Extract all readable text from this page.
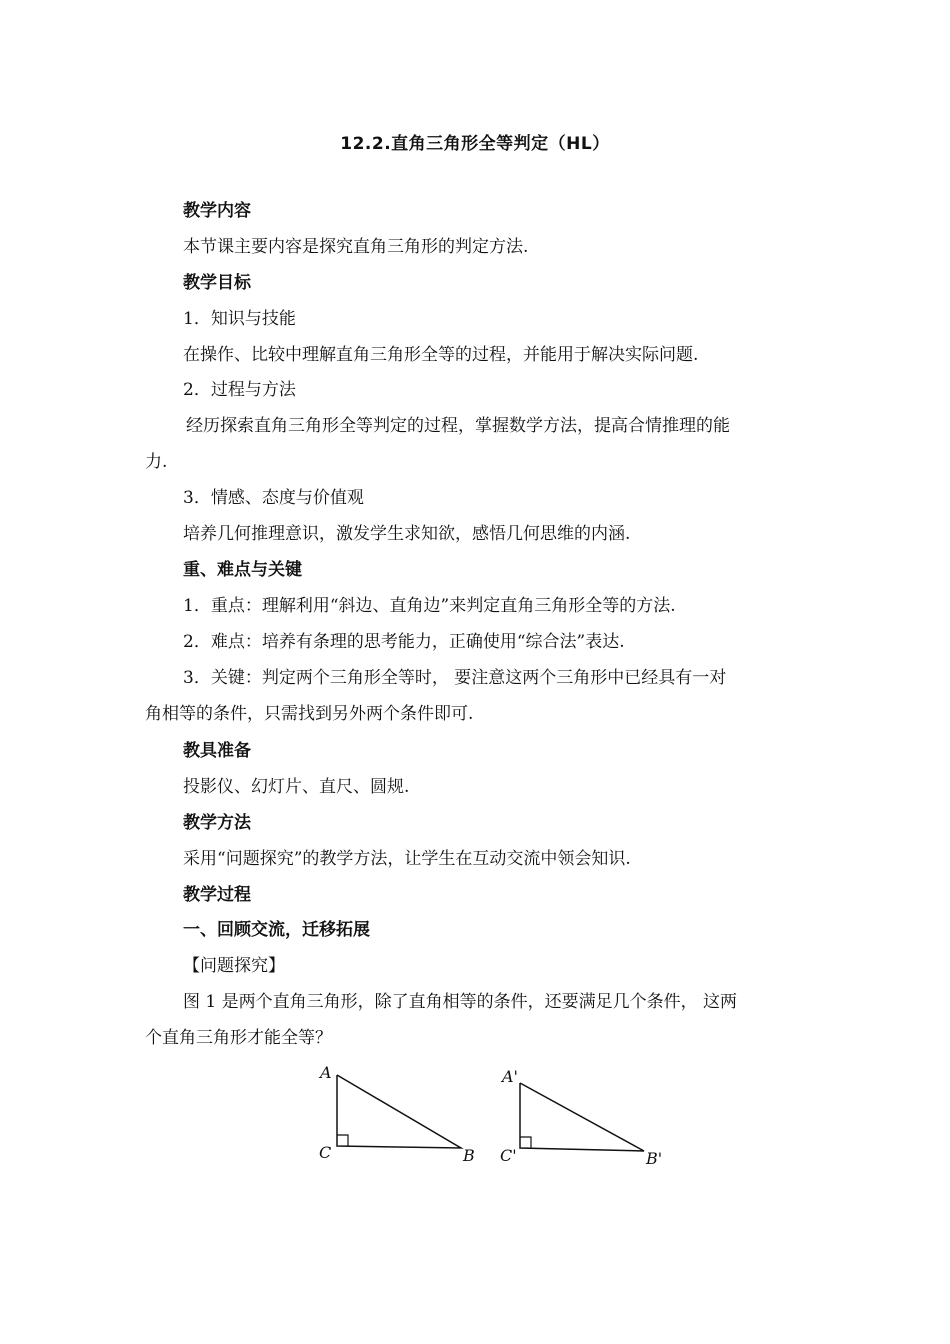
12.2.直角三角形全等判定（HL）
教学内容
本节课主要内容是探究直角三角形的判定方法.
教学目标
1．知识与技能
在操作、比较中理解直角三角形全等的过程，并能用于解决实际问题.
2．过程与方法
经历探索直角三角形全等判定的过程，掌握数学方法，提高合情推理的能
力.
3．情感、态度与价值观
培养几何推理意识，激发学生求知欲，感悟几何思维的内涵.
重、难点与关键
1．重点：理解利用“斜边、直角边”来判定直角三角形全等的方法.
2．难点：培养有条理的思考能力，正确使用“综合法”表达.
3．关键：判定两个三角形全等时， 要注意这两个三角形中已经具有一对
角相等的条件，只需找到另外两个条件即可.
教具准备
投影仪、幻灯片、直尺、圆规.
教学方法
采用“问题探究”的教学方法，让学生在互动交流中领会知识.
教学过程
一、回顾交流，迁移拓展
【问题探究】
图 1 是两个直角三角形，除了直角相等的条件，还要满足几个条件， 这两
个直角三角形才能全等？
A
C	B
A'
C'	B'
